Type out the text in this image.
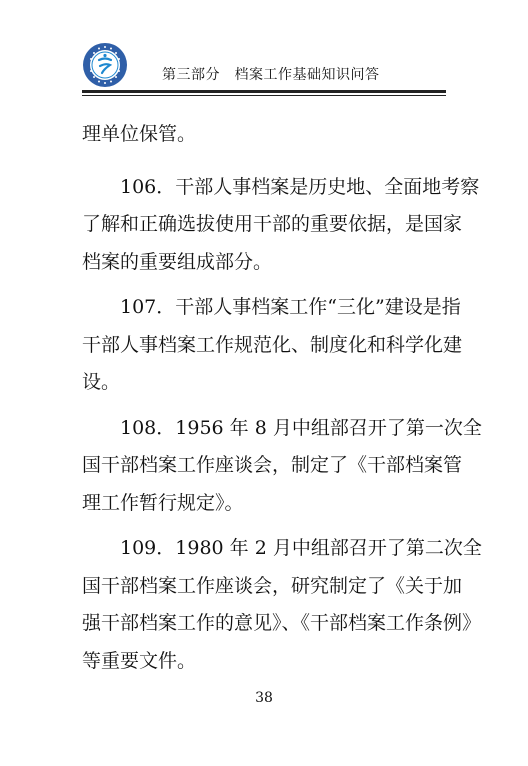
第三部分　 档案工作基础知识问答

理单位保管。

106．干部人事档案是历史地、全面地考察
了解和正确选拔使用干部的重要依据，是国家
档案的重要组成部分。

107．干部人事档案工作“三化”建设是指
干部人事档案工作规范化、制度化和科学化建
设。

108．1956 年 8 月中组部召开了第一次全
国干部档案工作座谈会，制定了《干部档案管
理工作暂行规定》。

109．1980 年 2 月中组部召开了第二次全
国干部档案工作座谈会，研究制定了《关于加
强干部档案工作的意见》、《干部档案工作条例》
等重要文件。

38
